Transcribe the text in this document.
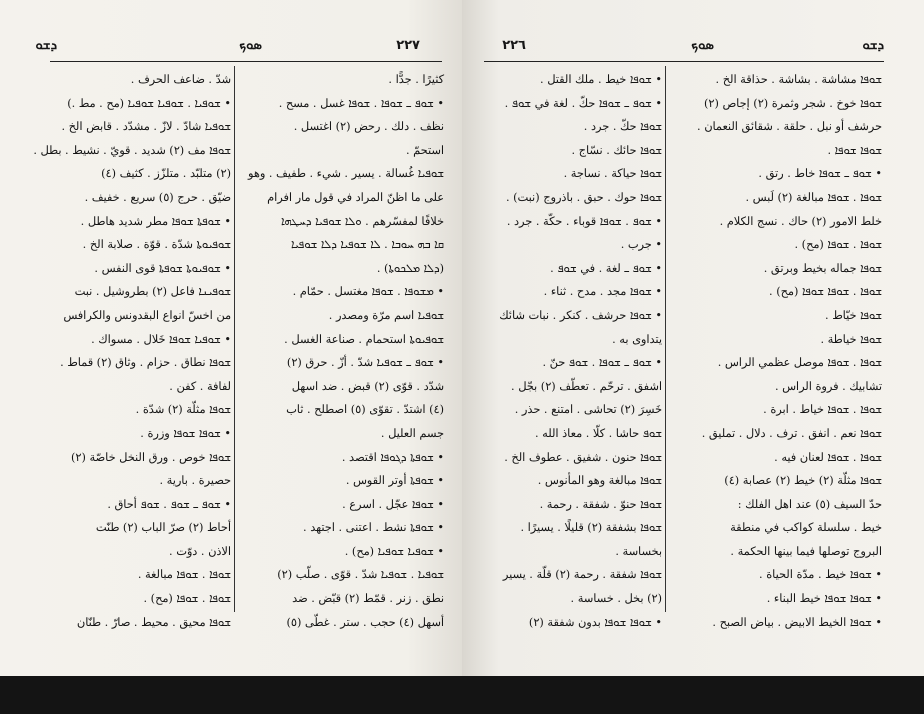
ܕܫܘ	ܣܘܟ	٢٢٧
كثيرًا . جدًّا .
• ܫܘܦ ـ ܫܘܦܐ . ܫܘܦܐ غسل . مسح .
نظف . دلك . رحض (٢) اغتسل .
استحمّ .
ܫܘܦܝܐ غُسالة . يسير . شيء . طفيف . وهو
على ما اظنّ المراد في قول مار افرام
خلافًا لمفسّرهم . ܘܠܐ ܫܘܦܝܐ ܕܚܛܗܐ
ܩܐ ܒܗ ܚܘܒܐ . ܠܐ ܫܘܦܝܐ ܕܠܐ ܫܘܦܝܐ
(ܕܠܐ ܡܠܟܘܬܐ) .
• ܡܫܘܦܐ . ܫܘܦܐ مغتسل . حمّام .
ܫܘܦܝܐ اسم مرّة ومصدر .
ܫܘܦܝܘܬܐ استحمام . صناعة الغسل .
• ܫܘܦ ـ ܫܘܦܝܐ شدّ . أزّ . حرق (٢)
شدّد . قوّى (٢) قبض . ضد اسهل
(٤) اشتدّ . تقوّى (٥) اصطلح . ثاب
جسم العليل .
• ܫܘܦܬܐ ܕܓܘܦܐ اقتصد .
• ܫܘܦܬܐ أوتر القوس .
• ܫܘܦܐ عجّل . اسرع .
• ܫܘܦܬܐ نشط . اعتنى . اجتهد .
• ܫܘܦܝܐ ܫܘܦܝܐ (مح) .
ܫܘܦܝܐ . ܫܘܦܝܐ شدّ . قوّى . صلّب (٢)
نطق . زنر . قمّط (٢) قبّض . ضد
أسهل (٤) حجب . ستر . غطّى (٥)
شدّ . ضاعف الحرف .
• ܫܘܦܝܐ . ܫܘܦܝܐ ܫܘܦܝܐ (مح . مط .)
ܫܘܦܝܐ شادّ . لازّ . مشدّد . قابض الخ .
ܫܘܦܐ مف (٢) شديد . قويّ . نشيط . بطل .
(٢) متلبّد . متلزّز . كثيف (٤)
ضيّق . حرج (٥) سريع . خفيف .
• ܫܘܦܬܐ ܫܘܦܐ مطر شديد هاطل .
ܫܘܦܝܘܬܐ شدّة . قوّة . صلابة الخ .
• ܫܘܦܝܘܬܐ ܫܘܦܬܐ قوى النفس .
ܫܘܦܝܢܐ فاعل (٢) بطروشيل . نبت
من اخسّ انواع البقدونس والكرافس
• ܫܘܦܝܐ ܫܘܦܐ خَلال . مسواك .
ܫܘܦܐ نطاق . حزام . وثاق (٢) قماط .
لفافة . كفن .
ܫܘܦܐ مثلّة (٢) شدّة .
• ܫܘܦܐ ܫܘܦܐ وزرة .
ܫܘܦܐ خوص . ورق النخل خاصّة (٢)
حصيرة . بارية .
• ܫܘܦ ـ ܫܘܦ . ܫܘܦ أحاق .
أحاط (٢) صرّ الباب (٢) طنّت
الاذن . دوّت .
ܫܘܦܐ . ܫܘܦܐ مبالغة .
ܫܘܦܐ . ܫܘܦܐ (مح) .
ܫܘܦܐ محيق . محيط . صارّ . طنّان
ܕܫܘ
ܣܘܟ
٢٢٦
ܫܘܦܐ مشاشة . بشاشة . حذاقة الخ .
ܫܘܦܐ خوخ . شجر وثمرة (٢) إجاص (٢)
حرشف أو نبل . حلقة . شقائق النعمان .
ܫܘܦܐ ܫܘܦܐ .
• ܫܘܦ ـ ܫܘܦܐ خاط . رتق .
ܫܘܦܐ . ܫܘܦܐ مبالغة (٢) لَبس .
خلط الامور (٢) حاك . نسج الكلام .
ܫܘܦܐ . ܫܘܦܐ (مح) .
ܫܘܦܐ جماله بخيط وبرتق .
ܫܘܦܐ . ܫܘܦܐ ܫܘܦܐ (مح) .
ܫܘܦܐ خيّاط .
ܫܘܦܐ خياطة .
ܫܘܦܐ . ܫܘܦܐ موصل عظمي الراس .
تشابيك . فروة الراس .
ܫܘܦܐ . ܫܘܦܐ خياط . ابرة .
ܫܘܦܐ نعم . انفق . ترف . دلال . تمليق .
ܫܘܦܐ . ܫܘܦܐ لعنان فيه .
ܫܘܦܐ مثلّة (٢) خيط (٢) عصابة (٤)
حدّ السيف (٥) عند اهل الفلك :
خيط . سلسلة كواكب في منطقة
البروج توصلها فيما بينها الحكمة .
• ܫܘܦܐ خيط . مدّة الحياة .
• ܫܘܦܐ ܫܘܦܐ خيط البناء .
• ܫܘܦܐ الخيط الابيض . بياض الصبح .
• ܫܘܦܐ خيط . ملك القتل .
• ܫܘܦ ـ ܫܘܦܐ حكّ . لغة في ܫܘܦ .
ܫܘܦܐ حكّ . جرد .
ܫܘܦܐ حائك . نسّاج .
ܫܘܦܐ حياكة . نساجة .
ܫܘܦܐ حوك . حبق . باذروج (نبت) .
• ܫܘܦ . ܫܘܦܐ قوباء . حكّة . جرد .
• جرب .
• ܫܘܦ ـ لغة . في ܫܘܦ .
• ܫܘܦܐ مجد . مدح . ثناء .
• ܫܘܦܐ حرشف . كنكر . نبات شائك
يتداوى به .
• ܫܘܦ ـ ܫܘܦܐ . ܫܘܦ حنّ .
اشفق . ترحّم . تعطّف (٢) بجّل .
خَسِرَ (٢) تحاشى . امتنع . حذر .
ܫܘܦ حاشا . كلّا . معاذ الله .
ܫܘܦܐ حنون . شفيق . عطوف الخ .
ܫܘܦܐ مبالغة وهو المأنوس .
ܫܘܦܐ حنوّ . شفقة . رحمة .
ܫܘܦܐ بشفقة (٢) قليلًا . يسيرًا .
بخساسة .
ܫܘܦܐ شفقة . رحمة (٢) قلّة . يسير
(٢) بخل . خساسة .
• ܫܘܦܐ ܫܘܦܐ بدون شفقة (٢)
